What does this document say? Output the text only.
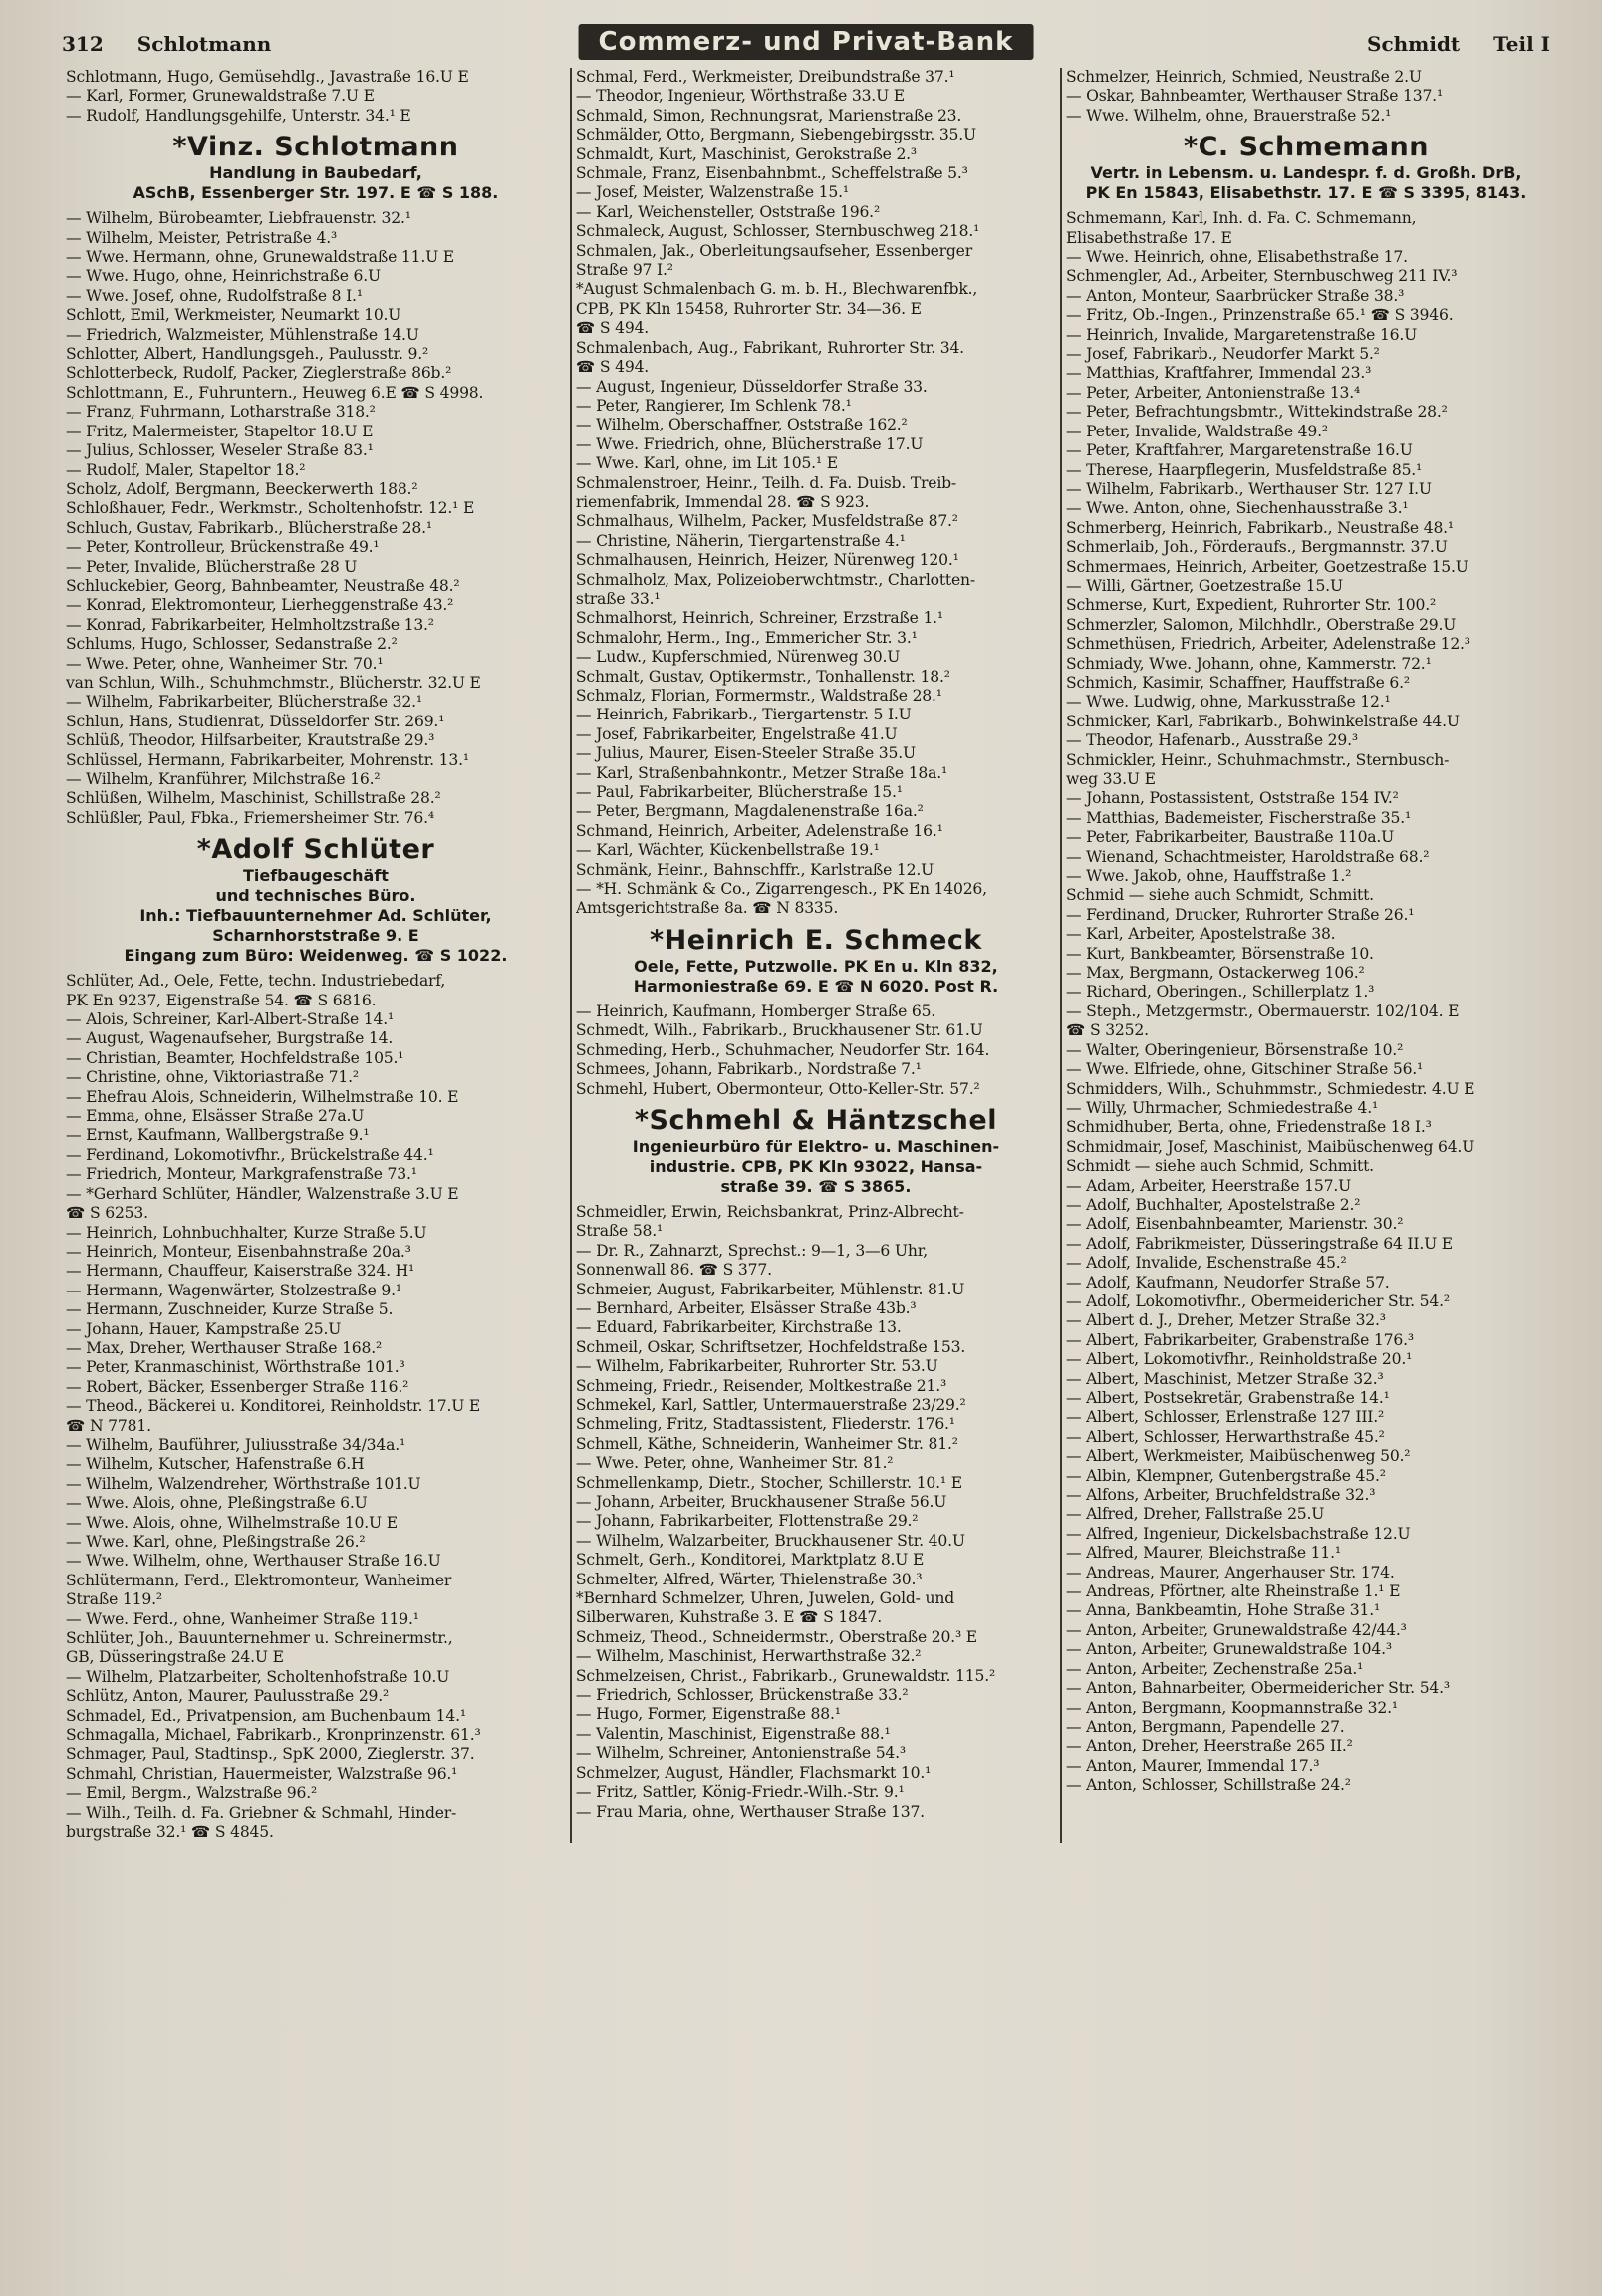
312 Schlotmann	Commerz- und Privat-Bank	Schmidt Teil I
Schlotmann, Hugo, Gemüsehdlg., Javastraße 16.U E
— Karl, Former, Grunewaldstraße 7.U E
— Rudolf, Handlungsgehilfe, Unterstr. 34.¹ E
*Vinz. Schlotmann
Handlung in Baubedarf,
ASchB, Essenberger Str. 197. E ☎ S 188.
— Wilhelm, Bürobeamter, Liebfrauenstr. 32.¹
— Wilhelm, Meister, Petristraße 4.³
— Wwe. Hermann, ohne, Grunewaldstraße 11.U E
— Wwe. Hugo, ohne, Heinrichstraße 6.U
— Wwe. Josef, ohne, Rudolfstraße 8 I.¹
Schlott, Emil, Werkmeister, Neumarkt 10.U
— Friedrich, Walzmeister, Mühlenstraße 14.U
Schlotter, Albert, Handlungsgeh., Paulusstr. 9.²
Schlotterbeck, Rudolf, Packer, Zieglerstraße 86b.²
Schlottmann, E., Fuhruntern., Heuweg 6.E ☎ S 4998.
— Franz, Fuhrmann, Lotharstraße 318.²
— Fritz, Malermeister, Stapeltor 18.U E
— Julius, Schlosser, Weseler Straße 83.¹
— Rudolf, Maler, Stapeltor 18.²
Scholz, Adolf, Bergmann, Beeckerwerth 188.²
Schloßhauer, Fedr., Werkmstr., Scholtenhofstr. 12.¹ E
Schluch, Gustav, Fabrikarb., Blücherstraße 28.¹
— Peter, Kontrolleur, Brückenstraße 49.¹
— Peter, Invalide, Blücherstraße 28 U
Schluckebier, Georg, Bahnbeamter, Neustraße 48.²
— Konrad, Elektromonteur, Lierheggenstraße 43.²
— Konrad, Fabrikarbeiter, Helmholtzstraße 13.²
Schlums, Hugo, Schlosser, Sedanstraße 2.²
— Wwe. Peter, ohne, Wanheimer Str. 70.¹
van Schlun, Wilh., Schuhmchmstr., Blücherstr. 32.U E
— Wilhelm, Fabrikarbeiter, Blücherstraße 32.¹
Schlun, Hans, Studienrat, Düsseldorfer Str. 269.¹
Schlüß, Theodor, Hilfsarbeiter, Krautstraße 29.³
Schlüssel, Hermann, Fabrikarbeiter, Mohrenstr. 13.¹
— Wilhelm, Kranführer, Milchstraße 16.²
Schlüßen, Wilhelm, Maschinist, Schillstraße 28.²
Schlüßler, Paul, Fbka., Friemersheimer Str. 76.⁴
*Adolf Schlüter
Tiefbaugeschäft
und technisches Büro.
Inh.: Tiefbauunternehmer Ad. Schlüter,
Scharnhorststraße 9. E
Eingang zum Büro: Weidenweg. ☎ S 1022.
Schlüter, Ad., Oele, Fette, techn. Industriebedarf,
PK En 9237, Eigenstraße 54. ☎ S 6816.
— Alois, Schreiner, Karl-Albert-Straße 14.¹
— August, Wagenaufseher, Burgstraße 14.
— Christian, Beamter, Hochfeldstraße 105.¹
— Christine, ohne, Viktoriastraße 71.²
— Ehefrau Alois, Schneiderin, Wilhelmstraße 10. E
— Emma, ohne, Elsässer Straße 27a.U
— Ernst, Kaufmann, Wallbergstraße 9.¹
— Ferdinand, Lokomotivfhr., Brückelstraße 44.¹
— Friedrich, Monteur, Markgrafenstraße 73.¹
— *Gerhard Schlüter, Händler, Walzenstraße 3.U E
☎ S 6253.
— Heinrich, Lohnbuchhalter, Kurze Straße 5.U
— Heinrich, Monteur, Eisenbahnstraße 20a.³
— Hermann, Chauffeur, Kaiserstraße 324. H¹
— Hermann, Wagenwärter, Stolzestraße 9.¹
— Hermann, Zuschneider, Kurze Straße 5.
— Johann, Hauer, Kampstraße 25.U
— Max, Dreher, Werthauser Straße 168.²
— Peter, Kranmaschinist, Wörthstraße 101.³
— Robert, Bäcker, Essenberger Straße 116.²
— Theod., Bäckerei u. Konditorei, Reinholdstr. 17.U E
☎ N 7781.
— Wilhelm, Bauführer, Juliusstraße 34/34a.¹
— Wilhelm, Kutscher, Hafenstraße 6.H
— Wilhelm, Walzendreher, Wörthstraße 101.U
— Wwe. Alois, ohne, Pleßingstraße 6.U
— Wwe. Alois, ohne, Wilhelmstraße 10.U E
— Wwe. Karl, ohne, Pleßingstraße 26.²
— Wwe. Wilhelm, ohne, Werthauser Straße 16.U
Schlütermann, Ferd., Elektromonteur, Wanheimer
Straße 119.²
— Wwe. Ferd., ohne, Wanheimer Straße 119.¹
Schlüter, Joh., Bauunternehmer u. Schreinermstr.,
GB, Düsseringstraße 24.U E
— Wilhelm, Platzarbeiter, Scholtenhofstraße 10.U
Schlütz, Anton, Maurer, Paulusstraße 29.²
Schmadel, Ed., Privatpension, am Buchenbaum 14.¹
Schmagalla, Michael, Fabrikarb., Kronprinzenstr. 61.³
Schmager, Paul, Stadtinsp., SpK 2000, Zieglerstr. 37.
Schmahl, Christian, Hauermeister, Walzstraße 96.¹
— Emil, Bergm., Walzstraße 96.²
— Wilh., Teilh. d. Fa. Griebner & Schmahl, Hinder-
burgstraße 32.¹ ☎ S 4845.
Schmal, Ferd., Werkmeister, Dreibundstraße 37.¹
— Theodor, Ingenieur, Wörthstraße 33.U E
Schmald, Simon, Rechnungsrat, Marienstraße 23.
Schmälder, Otto, Bergmann, Siebengebirgsstr. 35.U
Schmaldt, Kurt, Maschinist, Gerokstraße 2.³
Schmale, Franz, Eisenbahnbmt., Scheffelstraße 5.³
— Josef, Meister, Walzenstraße 15.¹
— Karl, Weichensteller, Oststraße 196.²
Schmaleck, August, Schlosser, Sternbuschweg 218.¹
Schmalen, Jak., Oberleitungsaufseher, Essenberger
Straße 97 I.²
*August Schmalenbach G. m. b. H., Blechwarenfbk.,
CPB, PK Kln 15458, Ruhrorter Str. 34—36. E
☎ S 494.
Schmalenbach, Aug., Fabrikant, Ruhrorter Str. 34.
☎ S 494.
— August, Ingenieur, Düsseldorfer Straße 33.
— Peter, Rangierer, Im Schlenk 78.¹
— Wilhelm, Oberschaffner, Oststraße 162.²
— Wwe. Friedrich, ohne, Blücherstraße 17.U
— Wwe. Karl, ohne, im Lit 105.¹ E
Schmalenstroer, Heinr., Teilh. d. Fa. Duisb. Treib-
riemenfabrik, Immendal 28. ☎ S 923.
Schmalhaus, Wilhelm, Packer, Musfeldstraße 87.²
— Christine, Näherin, Tiergartenstraße 4.¹
Schmalhausen, Heinrich, Heizer, Nürenweg 120.¹
Schmalholz, Max, Polizeioberwchtmstr., Charlotten-
straße 33.¹
Schmalhorst, Heinrich, Schreiner, Erzstraße 1.¹
Schmalohr, Herm., Ing., Emmericher Str. 3.¹
— Ludw., Kupferschmied, Nürenweg 30.U
Schmalt, Gustav, Optikermstr., Tonhallenstr. 18.²
Schmalz, Florian, Formermstr., Waldstraße 28.¹
— Heinrich, Fabrikarb., Tiergartenstr. 5 I.U
— Josef, Fabrikarbeiter, Engelstraße 41.U
— Julius, Maurer, Eisen-Steeler Straße 35.U
— Karl, Straßenbahnkontr., Metzer Straße 18a.¹
— Paul, Fabrikarbeiter, Blücherstraße 15.¹
— Peter, Bergmann, Magdalenenstraße 16a.²
Schmand, Heinrich, Arbeiter, Adelenstraße 16.¹
— Karl, Wächter, Kückenbellstraße 19.¹
Schmänk, Heinr., Bahnschffr., Karlstraße 12.U
— *H. Schmänk & Co., Zigarrengesch., PK En 14026,
Amtsgerichtstraße 8a. ☎ N 8335.
*Heinrich E. Schmeck
Oele, Fette, Putzwolle. PK En u. Kln 832,
Harmoniestraße 69. E ☎ N 6020. Post R.
— Heinrich, Kaufmann, Homberger Straße 65.
Schmedt, Wilh., Fabrikarb., Bruckhausener Str. 61.U
Schmeding, Herb., Schuhmacher, Neudorfer Str. 164.
Schmees, Johann, Fabrikarb., Nordstraße 7.¹
Schmehl, Hubert, Obermonteur, Otto-Keller-Str. 57.²
*Schmehl & Häntzschel
Ingenieurbüro für Elektro- u. Maschinen-
industrie. CPB, PK Kln 93022, Hansa-
straße 39. ☎ S 3865.
Schmeidler, Erwin, Reichsbankrat, Prinz-Albrecht-
Straße 58.¹
— Dr. R., Zahnarzt, Sprechst.: 9—1, 3—6 Uhr,
Sonnenwall 86. ☎ S 377.
Schmeier, August, Fabrikarbeiter, Mühlenstr. 81.U
— Bernhard, Arbeiter, Elsässer Straße 43b.³
— Eduard, Fabrikarbeiter, Kirchstraße 13.
Schmeil, Oskar, Schriftsetzer, Hochfeldstraße 153.
— Wilhelm, Fabrikarbeiter, Ruhrorter Str. 53.U
Schmeing, Friedr., Reisender, Moltkestraße 21.³
Schmekel, Karl, Sattler, Untermauerstraße 23/29.²
Schmeling, Fritz, Stadtassistent, Fliederstr. 176.¹
Schmell, Käthe, Schneiderin, Wanheimer Str. 81.²
— Wwe. Peter, ohne, Wanheimer Str. 81.²
Schmellenkamp, Dietr., Stocher, Schillerstr. 10.¹ E
— Johann, Arbeiter, Bruckhausener Straße 56.U
— Johann, Fabrikarbeiter, Flottenstraße 29.²
— Wilhelm, Walzarbeiter, Bruckhausener Str. 40.U
Schmelt, Gerh., Konditorei, Marktplatz 8.U E
Schmelter, Alfred, Wärter, Thielenstraße 30.³
*Bernhard Schmelzer, Uhren, Juwelen, Gold- und
Silberwaren, Kuhstraße 3. E ☎ S 1847.
Schmeiz, Theod., Schneidermstr., Oberstraße 20.³ E
— Wilhelm, Maschinist, Herwarthstraße 32.²
Schmelzeisen, Christ., Fabrikarb., Grunewaldstr. 115.²
— Friedrich, Schlosser, Brückenstraße 33.²
— Hugo, Former, Eigenstraße 88.¹
— Valentin, Maschinist, Eigenstraße 88.¹
— Wilhelm, Schreiner, Antonienstraße 54.³
Schmelzer, August, Händler, Flachsmarkt 10.¹
— Fritz, Sattler, König-Friedr.-Wilh.-Str. 9.¹
— Frau Maria, ohne, Werthauser Straße 137.
Schmelzer, Heinrich, Schmied, Neustraße 2.U
— Oskar, Bahnbeamter, Werthauser Straße 137.¹
— Wwe. Wilhelm, ohne, Brauerstraße 52.¹
*C. Schmemann
Vertr. in Lebensm. u. Landespr. f. d. Großh. DrB,
PK En 15843, Elisabethstr. 17. E ☎ S 3395, 8143.
Schmemann, Karl, Inh. d. Fa. C. Schmemann,
Elisabethstraße 17. E
— Wwe. Heinrich, ohne, Elisabethstraße 17.
Schmengler, Ad., Arbeiter, Sternbuschweg 211 IV.³
— Anton, Monteur, Saarbrücker Straße 38.³
— Fritz, Ob.-Ingen., Prinzenstraße 65.¹ ☎ S 3946.
— Heinrich, Invalide, Margaretenstraße 16.U
— Josef, Fabrikarb., Neudorfer Markt 5.²
— Matthias, Kraftfahrer, Immendal 23.³
— Peter, Arbeiter, Antonienstraße 13.⁴
— Peter, Befrachtungsbmtr., Wittekindstraße 28.²
— Peter, Invalide, Waldstraße 49.²
— Peter, Kraftfahrer, Margaretenstraße 16.U
— Therese, Haarpflegerin, Musfeldstraße 85.¹
— Wilhelm, Fabrikarb., Werthauser Str. 127 I.U
— Wwe. Anton, ohne, Siechenhausstraße 3.¹
Schmerberg, Heinrich, Fabrikarb., Neustraße 48.¹
Schmerlaib, Joh., Förderaufs., Bergmannstr. 37.U
Schmermaes, Heinrich, Arbeiter, Goetzestraße 15.U
— Willi, Gärtner, Goetzestraße 15.U
Schmerse, Kurt, Expedient, Ruhrorter Str. 100.²
Schmerzler, Salomon, Milchhdlr., Oberstraße 29.U
Schmethüsen, Friedrich, Arbeiter, Adelenstraße 12.³
Schmiady, Wwe. Johann, ohne, Kammerstr. 72.¹
Schmich, Kasimir, Schaffner, Hauffstraße 6.²
— Wwe. Ludwig, ohne, Markusstraße 12.¹
Schmicker, Karl, Fabrikarb., Bohwinkelstraße 44.U
— Theodor, Hafenarb., Ausstraße 29.³
Schmickler, Heinr., Schuhmachmstr., Sternbusch-
weg 33.U E
— Johann, Postassistent, Oststraße 154 IV.²
— Matthias, Bademeister, Fischerstraße 35.¹
— Peter, Fabrikarbeiter, Baustraße 110a.U
— Wienand, Schachtmeister, Haroldstraße 68.²
— Wwe. Jakob, ohne, Hauffstraße 1.²
Schmid — siehe auch Schmidt, Schmitt.
— Ferdinand, Drucker, Ruhrorter Straße 26.¹
— Karl, Arbeiter, Apostelstraße 38.
— Kurt, Bankbeamter, Börsenstraße 10.
— Max, Bergmann, Ostackerweg 106.²
— Richard, Oberingen., Schillerplatz 1.³
— Steph., Metzgermstr., Obermauerstr. 102/104. E
☎ S 3252.
— Walter, Oberingenieur, Börsenstraße 10.²
— Wwe. Elfriede, ohne, Gitschiner Straße 56.¹
Schmidders, Wilh., Schuhmmstr., Schmiedestr. 4.U E
— Willy, Uhrmacher, Schmiedestraße 4.¹
Schmidhuber, Berta, ohne, Friedenstraße 18 I.³
Schmidmair, Josef, Maschinist, Maibüschenweg 64.U
Schmidt — siehe auch Schmid, Schmitt.
— Adam, Arbeiter, Heerstraße 157.U
— Adolf, Buchhalter, Apostelstraße 2.²
— Adolf, Eisenbahnbeamter, Marienstr. 30.²
— Adolf, Fabrikmeister, Düsseringstraße 64 II.U E
— Adolf, Invalide, Eschenstraße 45.²
— Adolf, Kaufmann, Neudorfer Straße 57.
— Adolf, Lokomotivfhr., Obermeidericher Str. 54.²
— Albert d. J., Dreher, Metzer Straße 32.³
— Albert, Fabrikarbeiter, Grabenstraße 176.³
— Albert, Lokomotivfhr., Reinholdstraße 20.¹
— Albert, Maschinist, Metzer Straße 32.³
— Albert, Postsekretär, Grabenstraße 14.¹
— Albert, Schlosser, Erlenstraße 127 III.²
— Albert, Schlosser, Herwarthstraße 45.²
— Albert, Werkmeister, Maibüschenweg 50.²
— Albin, Klempner, Gutenbergstraße 45.²
— Alfons, Arbeiter, Bruchfeldstraße 32.³
— Alfred, Dreher, Fallstraße 25.U
— Alfred, Ingenieur, Dickelsbachstraße 12.U
— Alfred, Maurer, Bleichstraße 11.¹
— Andreas, Maurer, Angerhauser Str. 174.
— Andreas, Pförtner, alte Rheinstraße 1.¹ E
— Anna, Bankbeamtin, Hohe Straße 31.¹
— Anton, Arbeiter, Grunewaldstraße 42/44.³
— Anton, Arbeiter, Grunewaldstraße 104.³
— Anton, Arbeiter, Zechenstraße 25a.¹
— Anton, Bahnarbeiter, Obermeidericher Str. 54.³
— Anton, Bergmann, Koopmannstraße 32.¹
— Anton, Bergmann, Papendelle 27.
— Anton, Dreher, Heerstraße 265 II.²
— Anton, Maurer, Immendal 17.³
— Anton, Schlosser, Schillstraße 24.²
